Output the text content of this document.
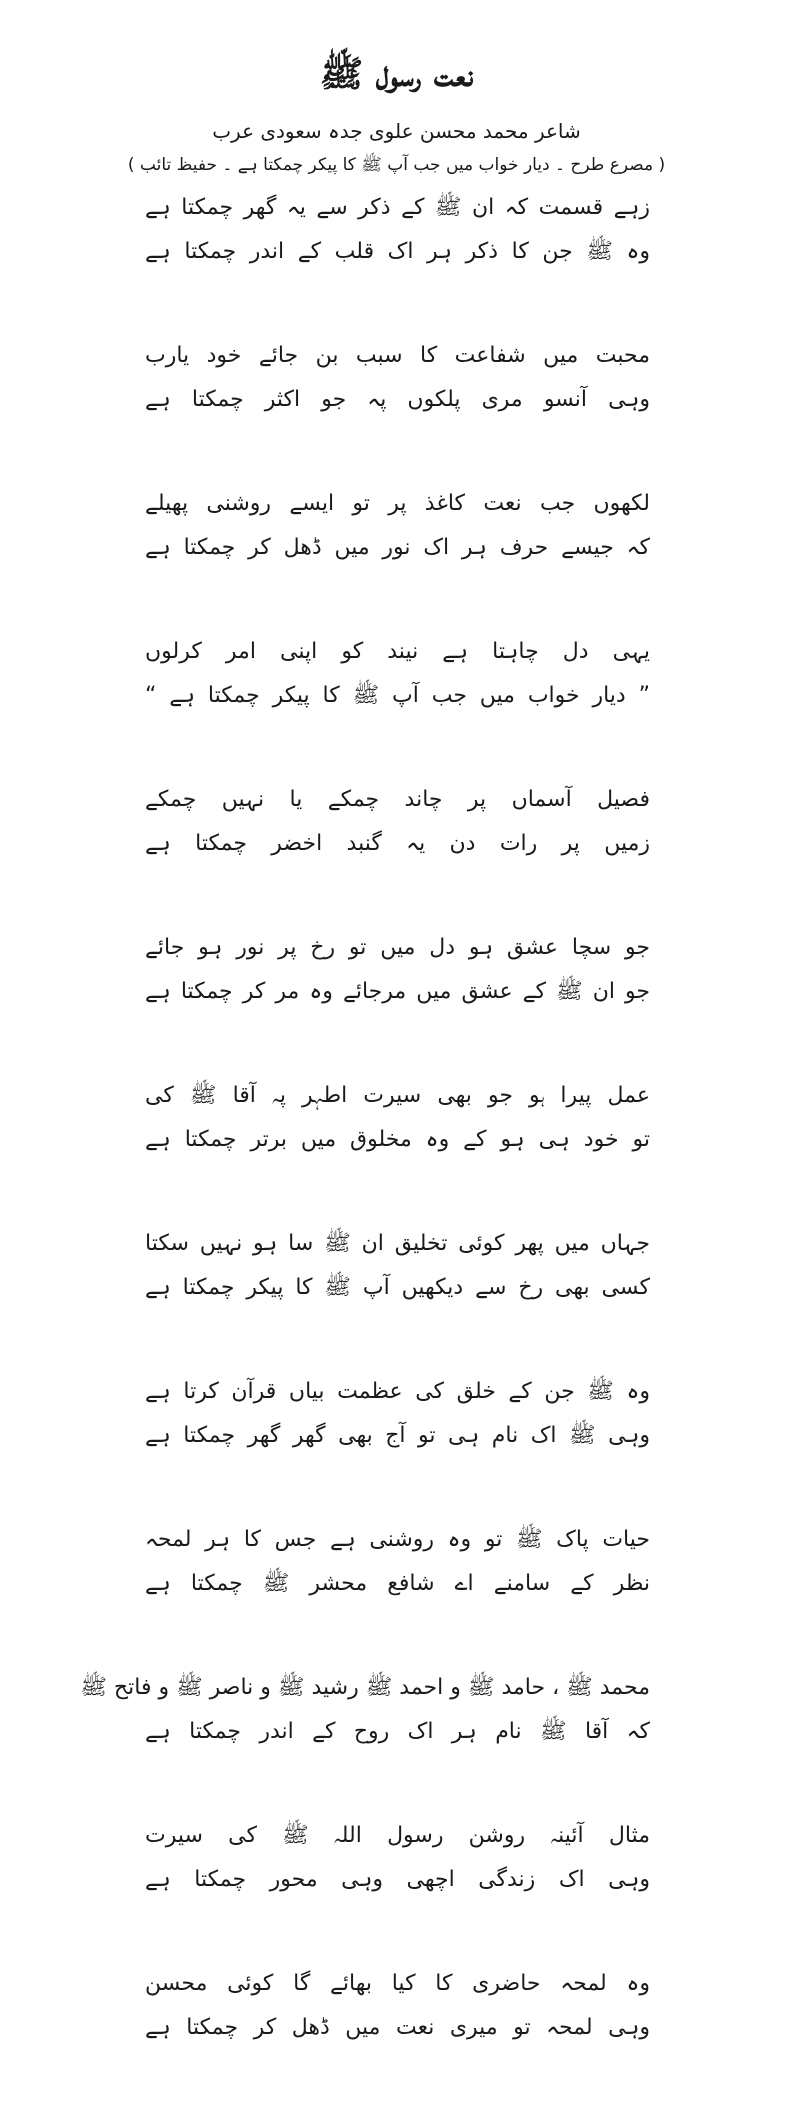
نعت رسول ﷺ
شاعر محمد محسن علوی جدہ سعودی عرب
( مصرع طرح ۔ دیار خواب میں جب آپ ﷺ کا پیکر چمکتا ہے ۔ حفیظ تائب )
زہے قسمت کہ ان ﷺ کے ذکر سے یہ گھر چمکتا ہے
وہ ﷺ جن کا ذکر ہر اک قلب کے اندر چمکتا ہے
محبت میں شفاعت کا سبب بن جائے خود یارب
وہی آنسو مری پلکوں پہ جو اکثر چمکتا ہے
لکھوں جب نعت کاغذ پر تو ایسے روشنی پھیلے
کہ جیسے حرف ہر اک نور میں ڈھل کر چمکتا ہے
یہی دل چاہتا ہے نیند کو اپنی امر کرلوں
” دیار خواب میں جب آپ ﷺ کا پیکر چمکتا ہے “
فصیل آسماں پر چاند چمکے یا نہیں چمکے
زمیں پر رات دن یہ گنبد اخضر چمکتا ہے
جو سچا عشق ہو دل میں تو رخ پر نور ہو جائے
جو ان ﷺ کے عشق میں مرجائے وہ مر کر چمکتا ہے
عمل پیرا ہو جو بھی سیرت اطہر پہ آقا ﷺ کی
تو خود ہی ہو کے وہ مخلوق میں برتر چمکتا ہے
جہاں میں پھر کوئی تخلیق ان ﷺ سا ہو نہیں سکتا
کسی بھی رخ سے دیکھیں آپ ﷺ کا پیکر چمکتا ہے
وہ ﷺ جن کے خلق کی عظمت بیاں قرآن کرتا ہے
وہی ﷺ اک نام ہی تو آج بھی گھر گھر چمکتا ہے
حیات پاک ﷺ تو وہ روشنی ہے جس کا ہر لمحہ
نظر کے سامنے اے شافع محشر ﷺ چمکتا ہے
محمد ﷺ ، حامد ﷺ و احمد ﷺ رشید ﷺ و ناصر ﷺ و فاتح ﷺ
کہ آقا ﷺ نام ہر اک روح کے اندر چمکتا ہے
مثال آئینہ روشن رسول اللہ ﷺ کی سیرت
وہی اک زندگی اچھی وہی محور چمکتا ہے
وہ لمحہ حاضری کا کیا بھائے گا کوئی محسن
وہی لمحہ تو میری نعت میں ڈھل کر چمکتا ہے
